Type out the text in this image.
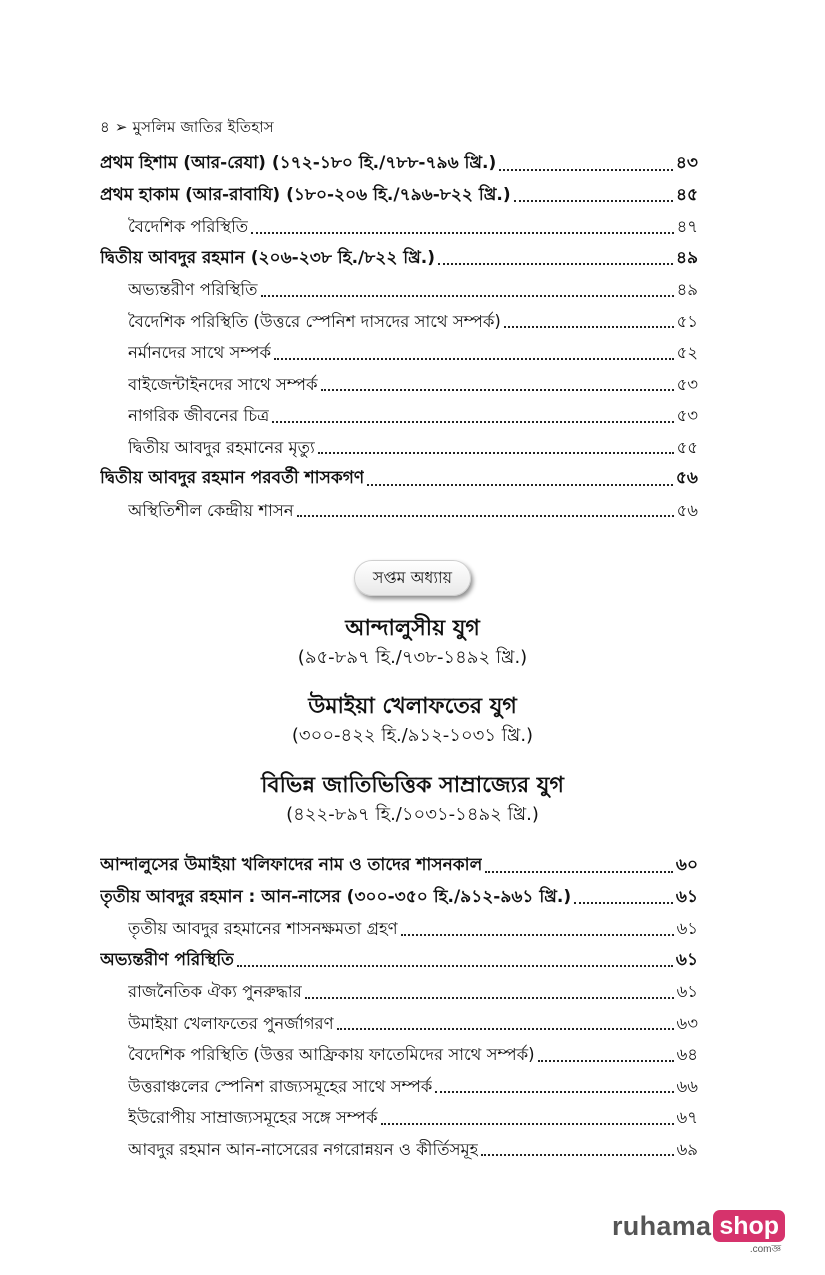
৪ ➢ মুসলিম জাতির ইতিহাস
প্রথম হিশাম (আর-রেযা) (১৭২-১৮০ হি./৭৮৮-৭৯৬ খ্রি.)	৪৩
প্রথম হাকাম (আর-রাবাযি) (১৮০-২০৬ হি./৭৯৬-৮২২ খ্রি.)	৪৫
বৈদেশিক পরিস্থিতি	৪৭
দ্বিতীয় আবদুর রহমান (২০৬-২৩৮ হি./৮২২ খ্রি.)	৪৯
অভ্যন্তরীণ পরিস্থিতি	৪৯
বৈদেশিক পরিস্থিতি (উত্তরে স্পেনিশ দাসদের সাথে সম্পর্ক)	৫১
নর্মানদের সাথে সম্পর্ক	৫২
বাইজেন্টাইনদের সাথে সম্পর্ক	৫৩
নাগরিক জীবনের চিত্র	৫৩
দ্বিতীয় আবদুর রহমানের মৃত্যু	৫৫
দ্বিতীয় আবদুর রহমান পরবর্তী শাসকগণ	৫৬
অস্থিতিশীল কেন্দ্রীয় শাসন	৫৬
সপ্তম অধ্যায়
আন্দালুসীয় যুগ
(৯৫-৮৯৭ হি./৭৩৮-১৪৯২ খ্রি.)
উমাইয়া খেলাফতের যুগ
(৩০০-৪২২ হি./৯১২-১০৩১ খ্রি.)
বিভিন্ন জাতিভিত্তিক সাম্রাজ্যের যুগ
(৪২২-৮৯৭ হি./১০৩১-১৪৯২ খ্রি.)
আন্দালুসের উমাইয়া খলিফাদের নাম ও তাদের শাসনকাল	৬০
তৃতীয় আবদুর রহমান : আন-নাসের (৩০০-৩৫০ হি./৯১২-৯৬১ খ্রি.)	৬১
তৃতীয় আবদুর রহমানের শাসনক্ষমতা গ্রহণ	৬১
অভ্যন্তরীণ পরিস্থিতি	৬১
রাজনৈতিক ঐক্য পুনরুদ্ধার	৬১
উমাইয়া খেলাফতের পুনর্জাগরণ	৬৩
বৈদেশিক পরিস্থিতি (উত্তর আফ্রিকায় ফাতেমিদের সাথে সম্পর্ক)	৬৪
উত্তরাঞ্চলের স্পেনিশ রাজ্যসমূহের সাথে সম্পর্ক	৬৬
ইউরোপীয় সাম্রাজ্যসমূহের সঙ্গে সম্পর্ক	৬৭
আবদুর রহমান আন-নাসেরের নগরোন্নয়ন ও কীর্তিসমূহ	৬৯
ruhama shop
.comজ্ঞ
